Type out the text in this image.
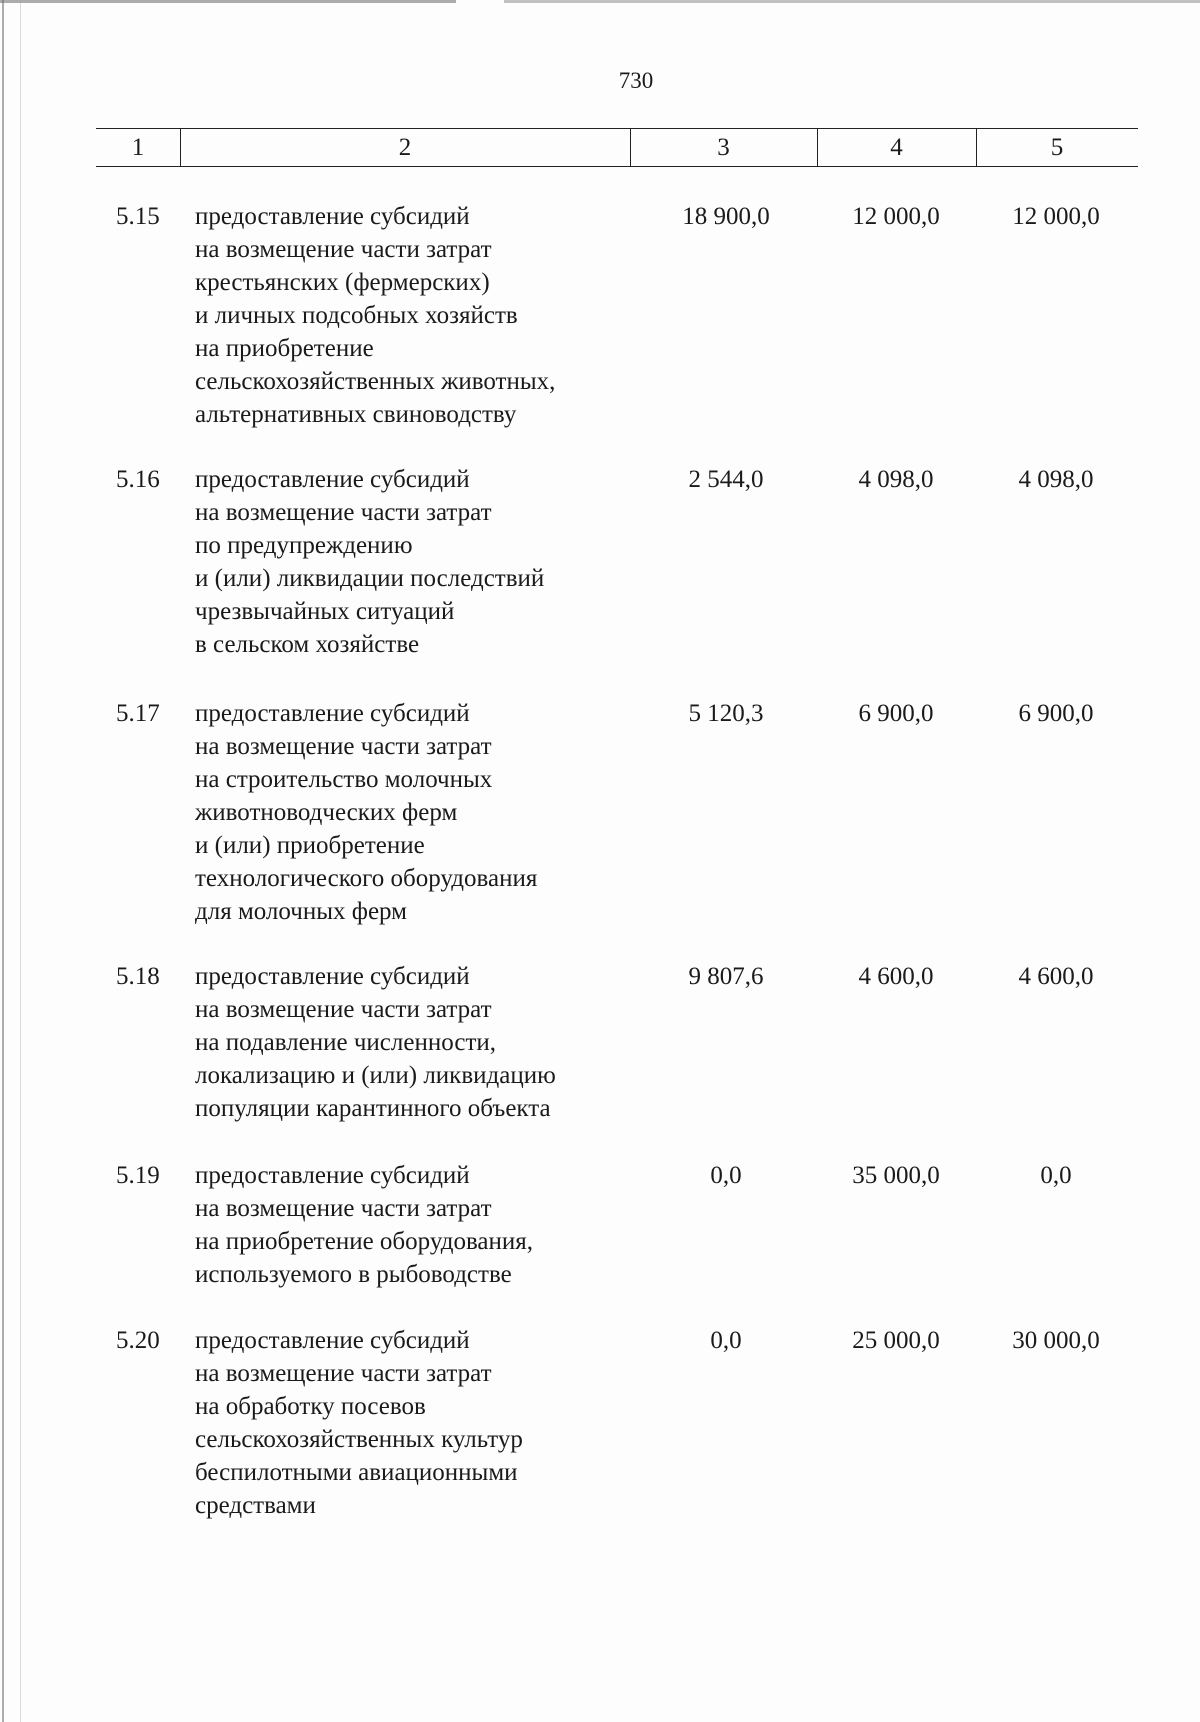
730
1	2	3	4	5
5.15	предоставление субсидий
на возмещение части затрат
крестьянских (фермерских)
и личных подсобных хозяйств
на приобретение
сельскохозяйственных животных,
альтернативных свиноводству
18 900,0	12 000,0	12 000,0
5.16	предоставление субсидий
на возмещение части затрат
по предупреждению
и (или) ликвидации последствий
чрезвычайных ситуаций
в сельском хозяйстве
2 544,0	4 098,0	4 098,0
5.17	предоставление субсидий
на возмещение части затрат
на строительство молочных
животноводческих ферм
и (или) приобретение
технологического оборудования
для молочных ферм
5 120,3	6 900,0	6 900,0
5.18	предоставление субсидий
на возмещение части затрат
на подавление численности,
локализацию и (или) ликвидацию
популяции карантинного объекта
9 807,6	4 600,0	4 600,0
5.19	предоставление субсидий
на возмещение части затрат
на приобретение оборудования,
используемого в рыбоводстве
0,0	35 000,0	0,0
5.20	предоставление субсидий
на возмещение части затрат
на обработку посевов
сельскохозяйственных культур
беспилотными авиационными
средствами
0,0	25 000,0	30 000,0
